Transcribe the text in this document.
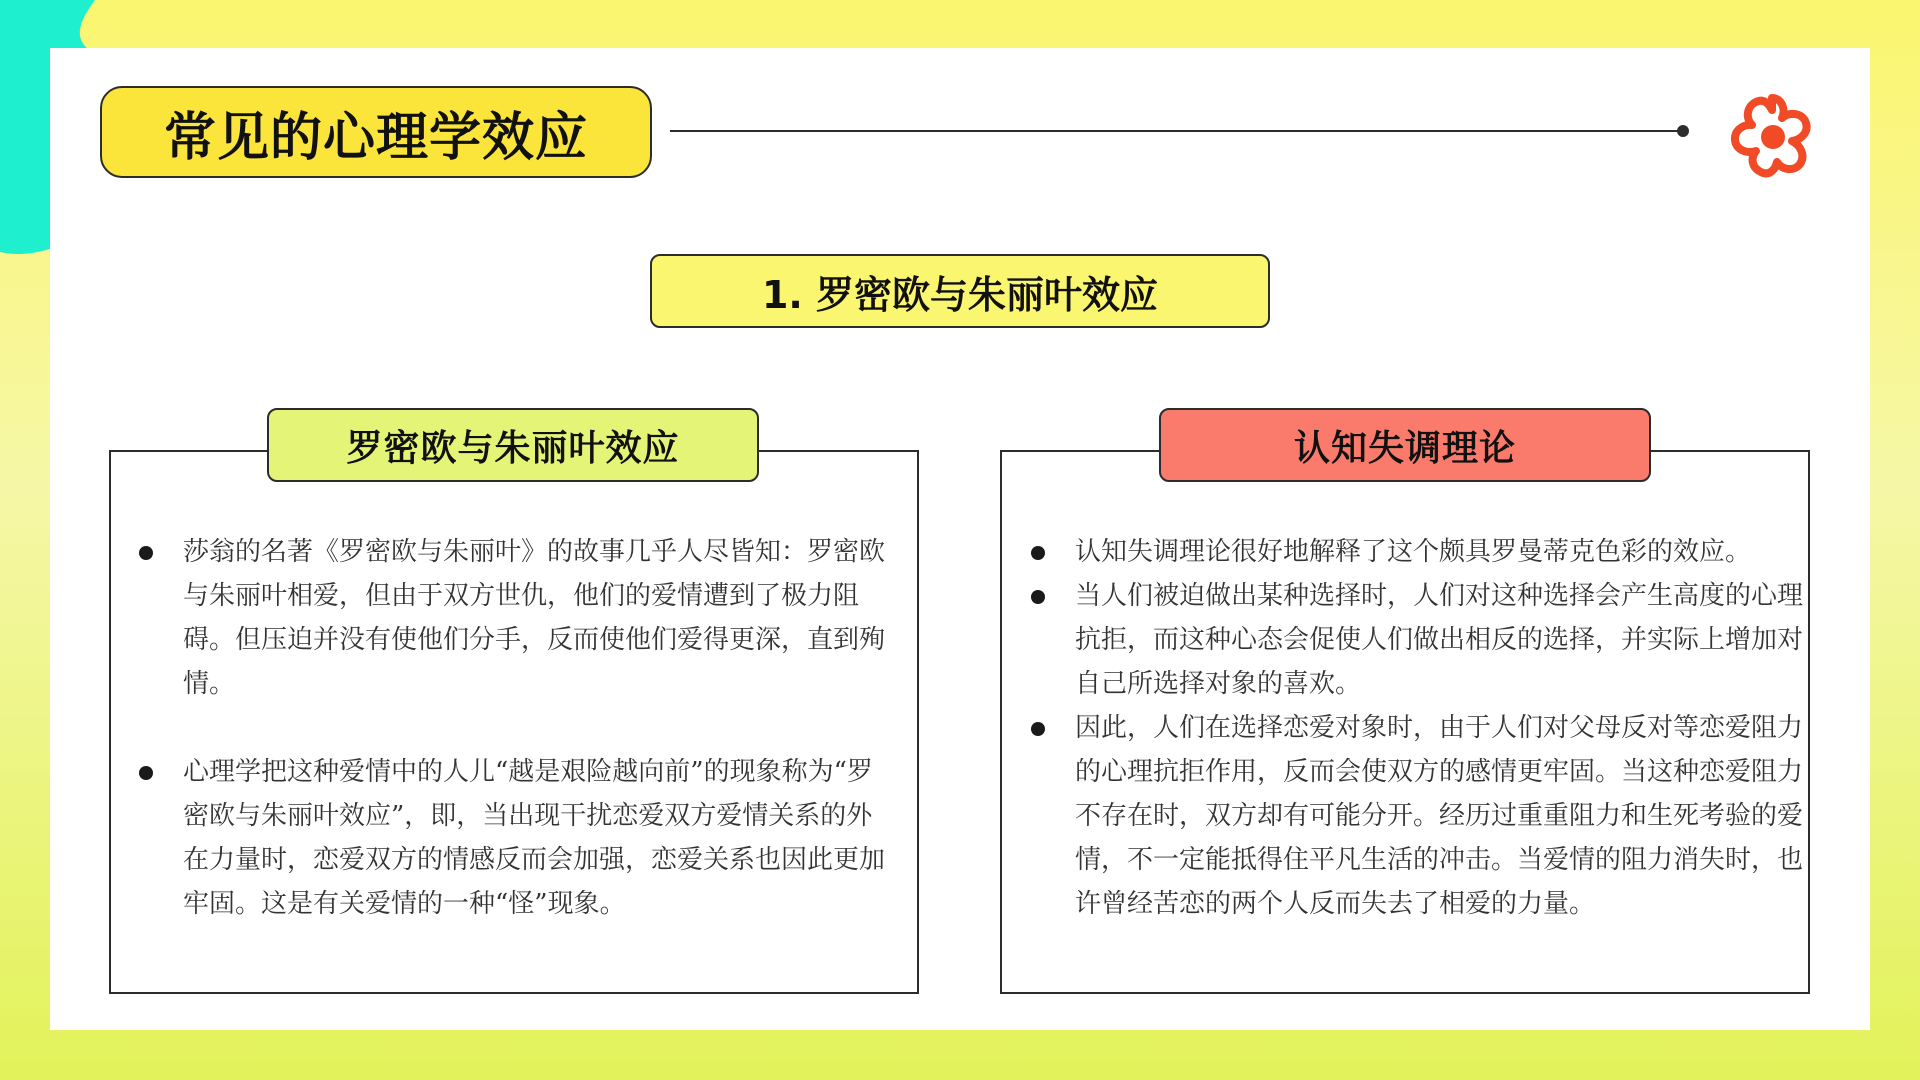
常见的心理学效应
1. 罗密欧与朱丽叶效应
罗密欧与朱丽叶效应
莎翁的名著《罗密欧与朱丽叶》的故事几乎人尽皆知：罗密欧与朱丽叶相爱，但由于双方世仇，他们的爱情遭到了极力阻碍。但压迫并没有使他们分手，反而使他们爱得更深，直到殉情。
心理学把这种爱情中的人儿“越是艰险越向前”的现象称为“罗密欧与朱丽叶效应”，即，当出现干扰恋爱双方爱情关系的外在力量时，恋爱双方的情感反而会加强，恋爱关系也因此更加牢固。这是有关爱情的一种“怪”现象。
认知失调理论
认知失调理论很好地解释了这个颇具罗曼蒂克色彩的效应。
当人们被迫做出某种选择时，人们对这种选择会产生高度的心理抗拒，而这种心态会促使人们做出相反的选择，并实际上增加对自己所选择对象的喜欢。
因此，人们在选择恋爱对象时，由于人们对父母反对等恋爱阻力的心理抗拒作用，反而会使双方的感情更牢固。当这种恋爱阻力不存在时，双方却有可能分开。经历过重重阻力和生死考验的爱情，不一定能抵得住平凡生活的冲击。当爱情的阻力消失时，也许曾经苦恋的两个人反而失去了相爱的力量。
